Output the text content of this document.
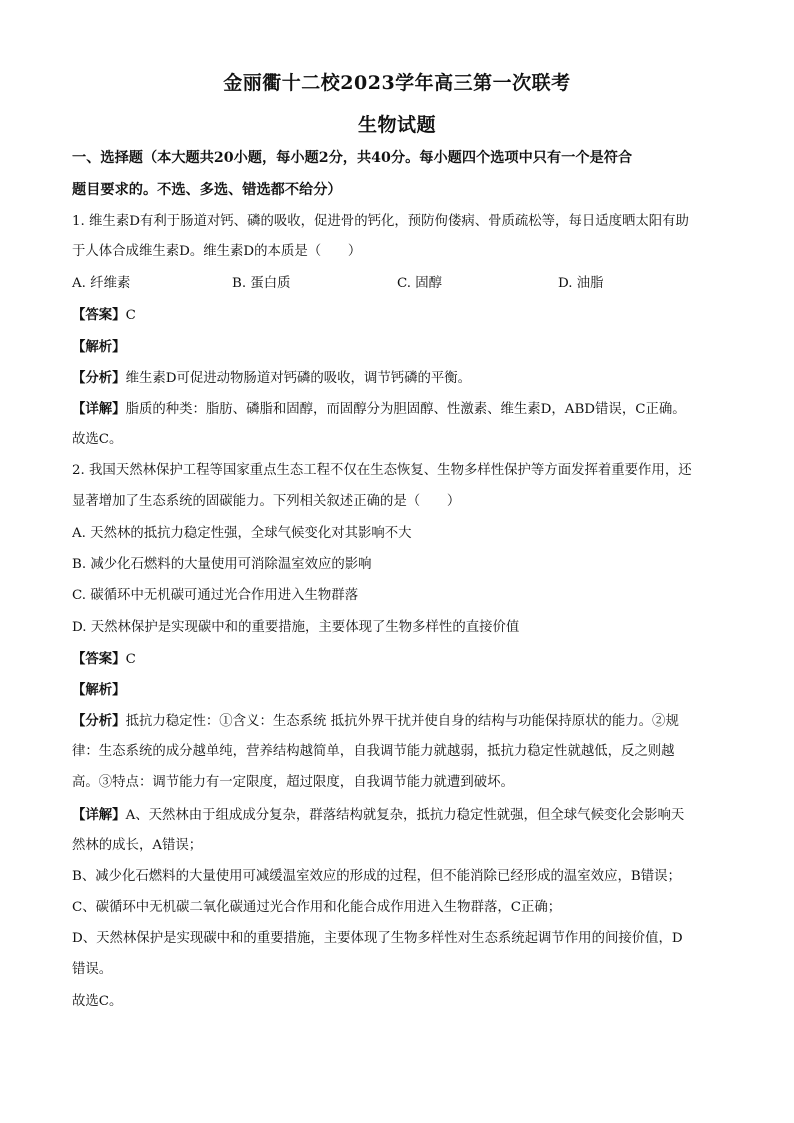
金丽衢十二校2023学年高三第一次联考
生物试题
一、选择题（本大题共20小题，每小题2分，共40分。每小题四个选项中只有一个是符合
题目要求的。不选、多选、错选都不给分）
1. 维生素D有利于肠道对钙、磷的吸收，促进骨的钙化，预防佝偻病、骨质疏松等，每日适度晒太阳有助
于人体合成维生素D。维生素D的本质是（　　）
A. 纤维素	B. 蛋白质	C. 固醇	D. 油脂
【答案】C
【解析】
【分析】维生素D可促进动物肠道对钙磷的吸收，调节钙磷的平衡。
【详解】脂质的种类：脂肪、磷脂和固醇，而固醇分为胆固醇、性激素、维生素D，ABD错误，C正确。
故选C。
2. 我国天然林保护工程等国家重点生态工程不仅在生态恢复、生物多样性保护等方面发挥着重要作用，还
显著增加了生态系统的固碳能力。下列相关叙述正确的是（　　）
A. 天然林的抵抗力稳定性强，全球气候变化对其影响不大
B. 减少化石燃料的大量使用可消除温室效应的影响
C. 碳循环中无机碳可通过光合作用进入生物群落
D. 天然林保护是实现碳中和的重要措施，主要体现了生物多样性的直接价值
【答案】C
【解析】
【分析】抵抗力稳定性：①含义：生态系统 抵抗外界干扰并使自身的结构与功能保持原状的能力。②规
律：生态系统的成分越单纯，营养结构越简单，自我调节能力就越弱，抵抗力稳定性就越低，反之则越
高。③特点：调节能力有一定限度，超过限度，自我调节能力就遭到破坏。
【详解】A、天然林由于组成成分复杂，群落结构就复杂，抵抗力稳定性就强，但全球气候变化会影响天
然林的成长，A错误；
B、减少化石燃料的大量使用可减缓温室效应的形成的过程，但不能消除已经形成的温室效应，B错误；
C、碳循环中无机碳二氧化碳通过光合作用和化能合成作用进入生物群落，C正确；
D、天然林保护是实现碳中和的重要措施，主要体现了生物多样性对生态系统起调节作用的间接价值，D
错误。
故选C。
